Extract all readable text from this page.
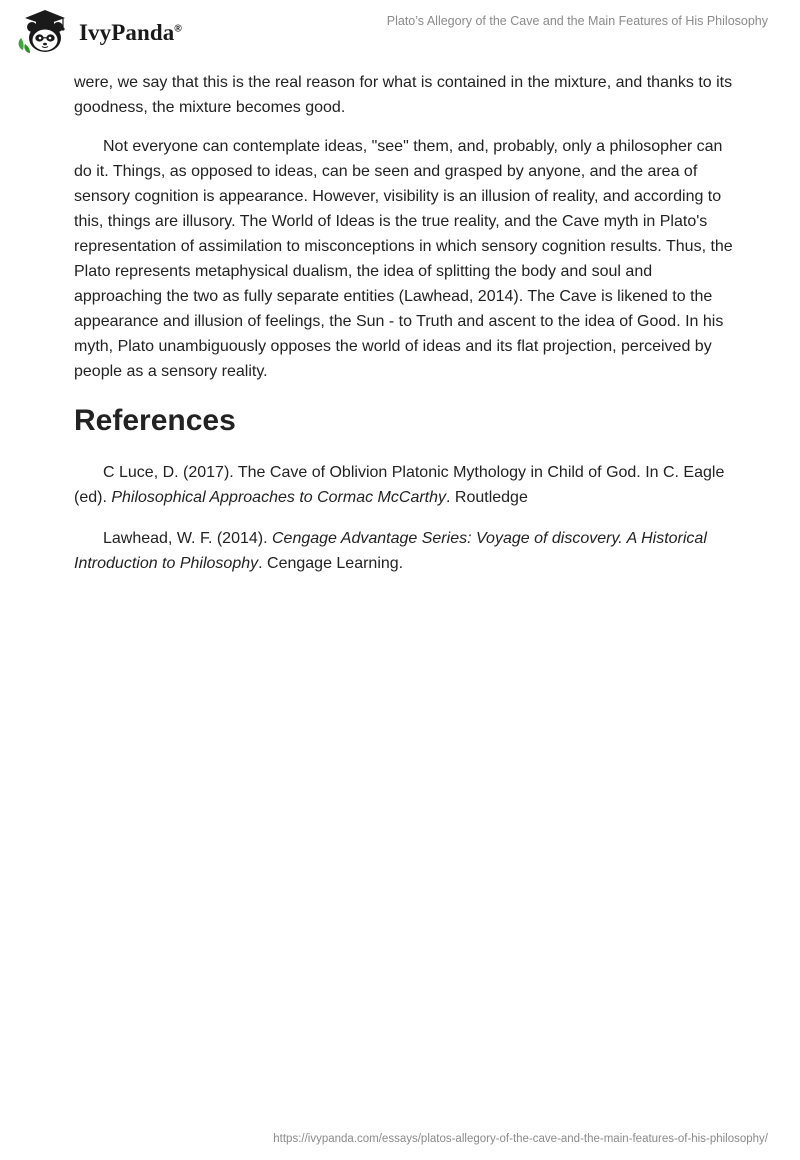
IvyPanda®
Plato’s Allegory of the Cave and the Main Features of His Philosophy

were, we say that this is the real reason for what is contained in the mixture, and thanks to its goodness, the mixture becomes good.

Not everyone can contemplate ideas, "see" them, and, probably, only a philosopher can do it. Things, as opposed to ideas, can be seen and grasped by anyone, and the area of sensory cognition is appearance. However, visibility is an illusion of reality, and according to this, things are illusory. The World of Ideas is the true reality, and the Cave myth in Plato's representation of assimilation to misconceptions in which sensory cognition results. Thus, the Plato represents metaphysical dualism, the idea of splitting the body and soul and approaching the two as fully separate entities (Lawhead, 2014). The Cave is likened to the appearance and illusion of feelings, the Sun - to Truth and ascent to the idea of Good. In his myth, Plato unambiguously opposes the world of ideas and its flat projection, perceived by people as a sensory reality.

References

C Luce, D. (2017). The Cave of Oblivion Platonic Mythology in Child of God. In C. Eagle (ed). Philosophical Approaches to Cormac McCarthy. Routledge

Lawhead, W. F. (2014). Cengage Advantage Series: Voyage of discovery. A Historical Introduction to Philosophy. Cengage Learning.

https://ivypanda.com/essays/platos-allegory-of-the-cave-and-the-main-features-of-his-philosophy/
